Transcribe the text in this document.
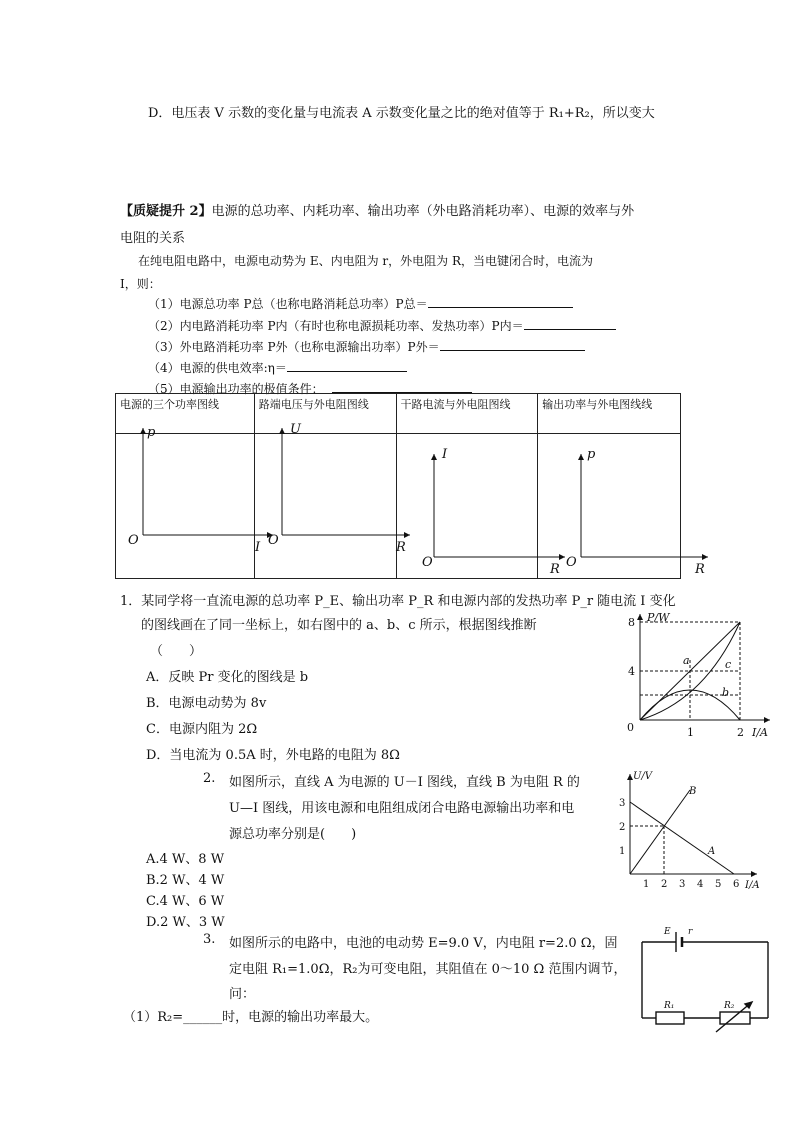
D．电压表 V 示数的变化量与电流表 A 示数变化量之比的绝对值等于 R₁+R₂，所以变大
【质疑提升 2】电源的总功率、内耗功率、输出功率（外电路消耗功率）、电源的效率与外
电阻的关系
在纯电阻电路中，电源电动势为 E、内电阻为 r，外电阻为 R，当电键闭合时，电流为
I，则：
（1）电源总功率 P总（也称电路消耗总功率）P总＝
（2）内电路消耗功率 P内（有时也称电源损耗功率、发热功率）P内＝
（3）外电路消耗功率 P外（也称电源输出功率）P外＝
（4）电源的供电效率:η＝
（5）电源输出功率的极值条件：
电源的三个功率图线	路端电压与外电阻图线	干路电流与外电阻图线	输出功率与外电图线线

p
O	I
U
O	R
I
O	R
p
O	R
1．某同学将一直流电源的总功率 P_E、输出功率 P_R 和电源内部的发热功率 P_r 随电流 I 变化
的图线画在了同一坐标上，如右图中的 a、b、c 所示，根据图线推断
（　　）
A．反映 Pr 变化的图线是 b
B．电源电动势为 8v
C．电源内阻为 2Ω
D．当电流为 0.5A 时，外电路的电阻为 8Ω
P/W
8
4
0	1	2 I/A
a	c
b
2. 如图所示，直线 A 为电源的 U－I 图线，直线 B 为电阻 R 的
U—I 图线，用该电源和电阻组成闭合电路电源输出功率和电
源总功率分别是(　　)
A.4 W、8 W
B.2 W、4 W
C.4 W、6 W
D.2 W、3 W
U/V
3
2
1
1 2 3 4 5 6 I/A
B
A
3. 如图所示的电路中，电池的电动势 E=9.0 V，内电阻 r=2.0 Ω，固
定电阻 R₁=1.0Ω，R₂为可变电阻，其阻值在 0～10 Ω 范围内调节，
问：
（1）R₂=______时，电源的输出功率最大。
E r
R₁	R₂
